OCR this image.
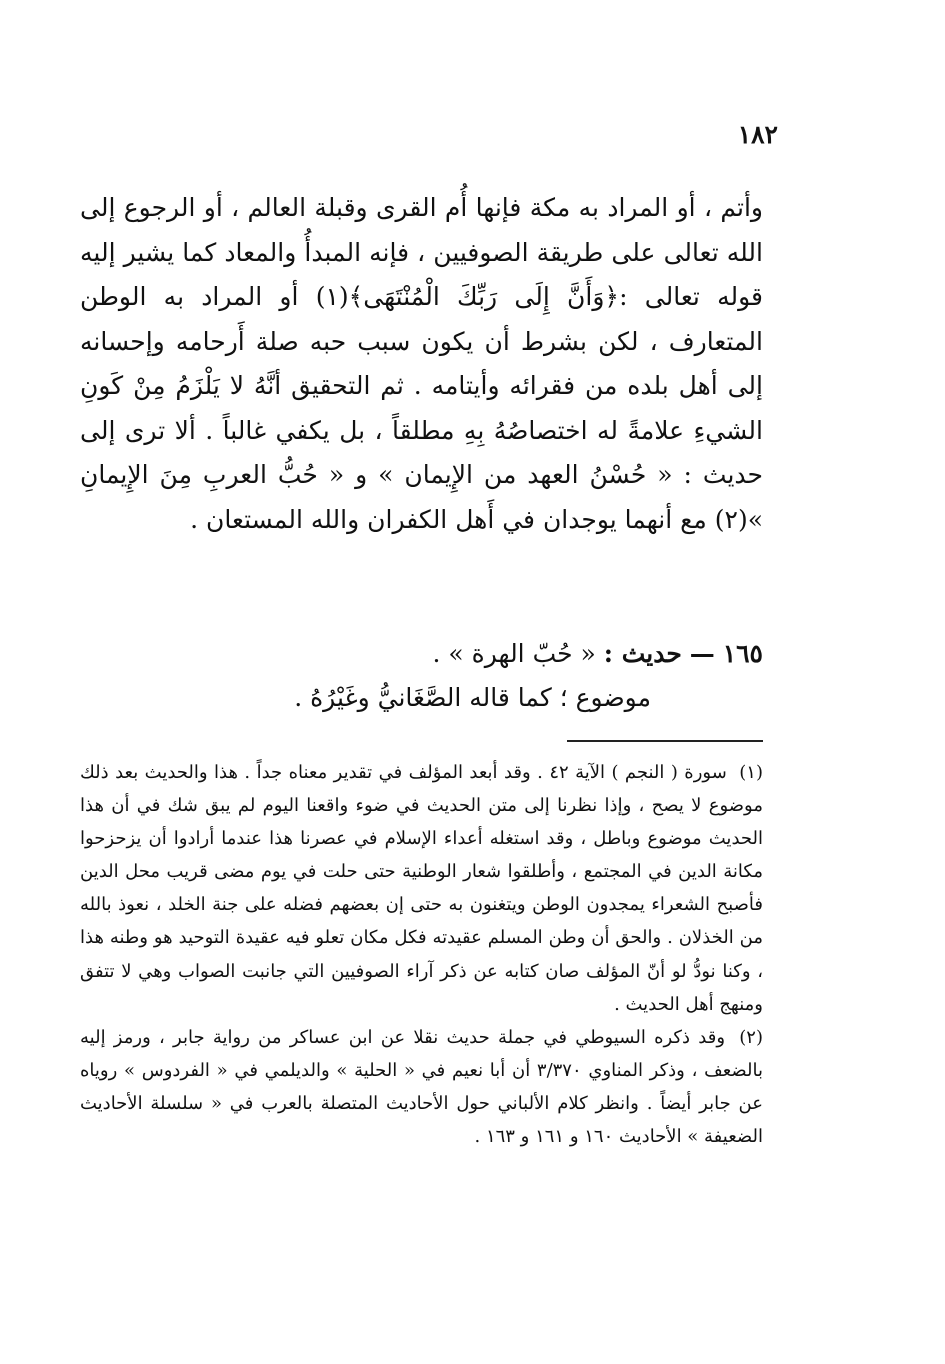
١٨٢

وأتم ، أو المراد به مكة فإنها أُم القرى وقبلة العالم ، أو الرجوع إلى الله تعالى على طريقة الصوفيين ، فإنه المبدأُ والمعاد كما يشير إليه قوله تعالى :﴿وَأَنَّ إِلَى رَبِّكَ الْمُنْتَهَى﴾(١) أو المراد به الوطن المتعارف ، لكن بشرط أن يكون سبب حبه صلة أَرحامه وإحسانه إلى أهل بلده من فقرائه وأيتامه . ثم التحقيق أنَّهُ لا يَلْزَمُ مِنْ كَونِ الشيءِ علامةً له اختصاصُهُ بِهِ مطلقاً ، بل يكفي غالباً . ألا ترى إلى حديث : « حُسْنُ العهد من الإِيمان » و « حُبُّ العربِ مِنَ الإِيمانِ »(٢) مع أنهما يوجدان في أَهل الكفران والله المستعان .

١٦٥ — حديث : « حُبّ الهرة » .

موضوع ؛ كما قاله الصَّغَانيُّ وغَيْرُهُ .

(١) سورة ( النجم ) الآية ٤٢ . وقد أبعد المؤلف في تقدير معناه جداً . هذا والحديث بعد ذلك موضوع لا يصح ، وإذا نظرنا إلى متن الحديث في ضوء واقعنا اليوم لم يبق شك في أن هذا الحديث موضوع وباطل ، وقد استغله أعداء الإسلام في عصرنا هذا عندما أرادوا أن يزحزحوا مكانة الدين في المجتمع ، وأطلقوا شعار الوطنية حتى حلت في يوم مضى قريب محل الدين فأصبح الشعراء يمجدون الوطن ويتغنون به حتى إن بعضهم فضله على جنة الخلد ، نعوذ بالله من الخذلان . والحق أن وطن المسلم عقيدته فكل مكان تعلو فيه عقيدة التوحيد هو وطنه هذا ، وكنا نودُّ لو أنّ المؤلف صان كتابه عن ذكر آراء الصوفيين التي جانبت الصواب وهي لا تتفق ومنهج أهل الحديث .

(٢) وقد ذكره السيوطي في جملة حديث نقلا عن ابن عساكر من رواية جابر ، ورمز إليه بالضعف ، وذكر المناوي ٣/٣٧٠ أن أبا نعيم في « الحلية » والديلمي في « الفردوس » روياه عن جابر أيضاً . وانظر كلام الألباني حول الأحاديث المتصلة بالعرب في « سلسلة الأحاديث الضعيفة » الأحاديث ١٦٠ و ١٦١ و ١٦٣ .
